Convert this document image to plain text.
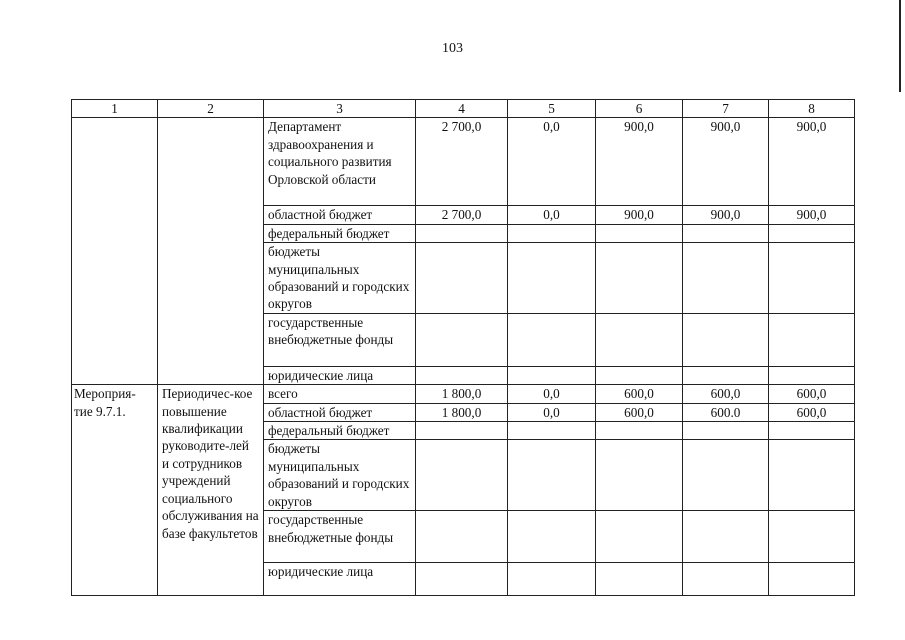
103
1	2	3	4	5	6	7	8
		Департамент здравоохранения и социального развития Орловской области	2 700,0	0,0	900,0	900,0	900,0
		областной бюджет	2 700,0	0,0	900,0	900,0	900,0
		федеральный бюджет					
		бюджеты муниципальных образований и городских округов					
		государственные внебюджетные фонды					
		юридические лица					
Мероприя-тие 9.7.1.	Периодичес-кое повышение квалификации руководите-лей и сотрудников учреждений социального обслуживания на базе факультетов	всего	1 800,0	0,0	600,0	600,0	600,0
		областной бюджет	1 800,0	0,0	600,0	600.0	600,0
		федеральный бюджет					
		бюджеты муниципальных образований и городских округов					
		государственные внебюджетные фонды					
		юридические лица					
